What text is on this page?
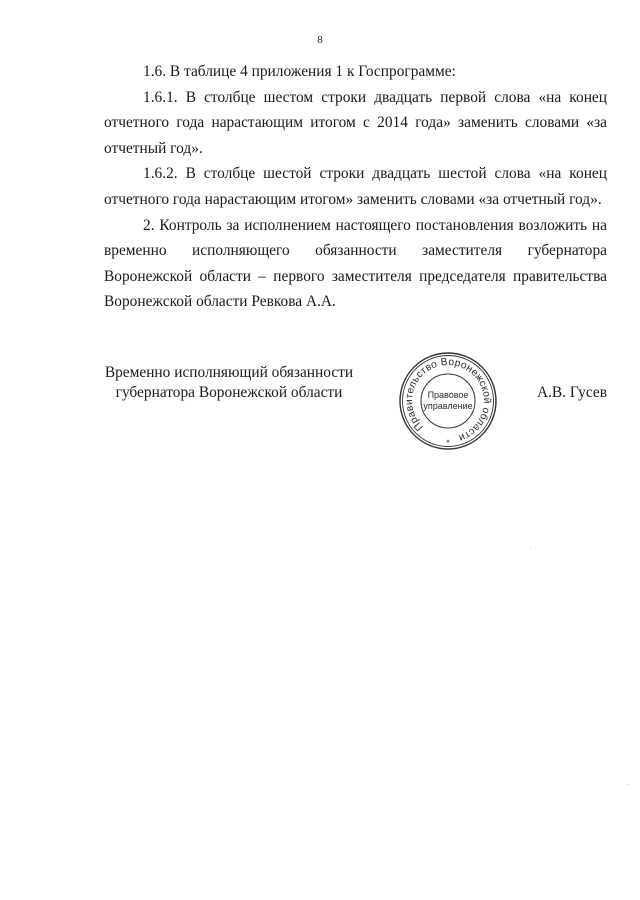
8

1.6. В таблице 4 приложения 1 к Госпрограмме:

1.6.1. В столбце шестом строки двадцать первой слова «на конец отчетного года нарастающим итогом с 2014 года» заменить словами «за отчетный год».

1.6.2. В столбце шестой строки двадцать шестой слова «на конец отчетного года нарастающим итогом» заменить словами «за отчетный год».

2. Контроль за исполнением настоящего постановления возложить на временно исполняющего обязанности заместителя губернатора Воронежской области – первого заместителя председателя правительства Воронежской области Ревкова А.А.

Временно исполняющий обязанности
губернатора Воронежской области
Правительство Воронежской области
Правовое
управление
*
А.В. Гусев
